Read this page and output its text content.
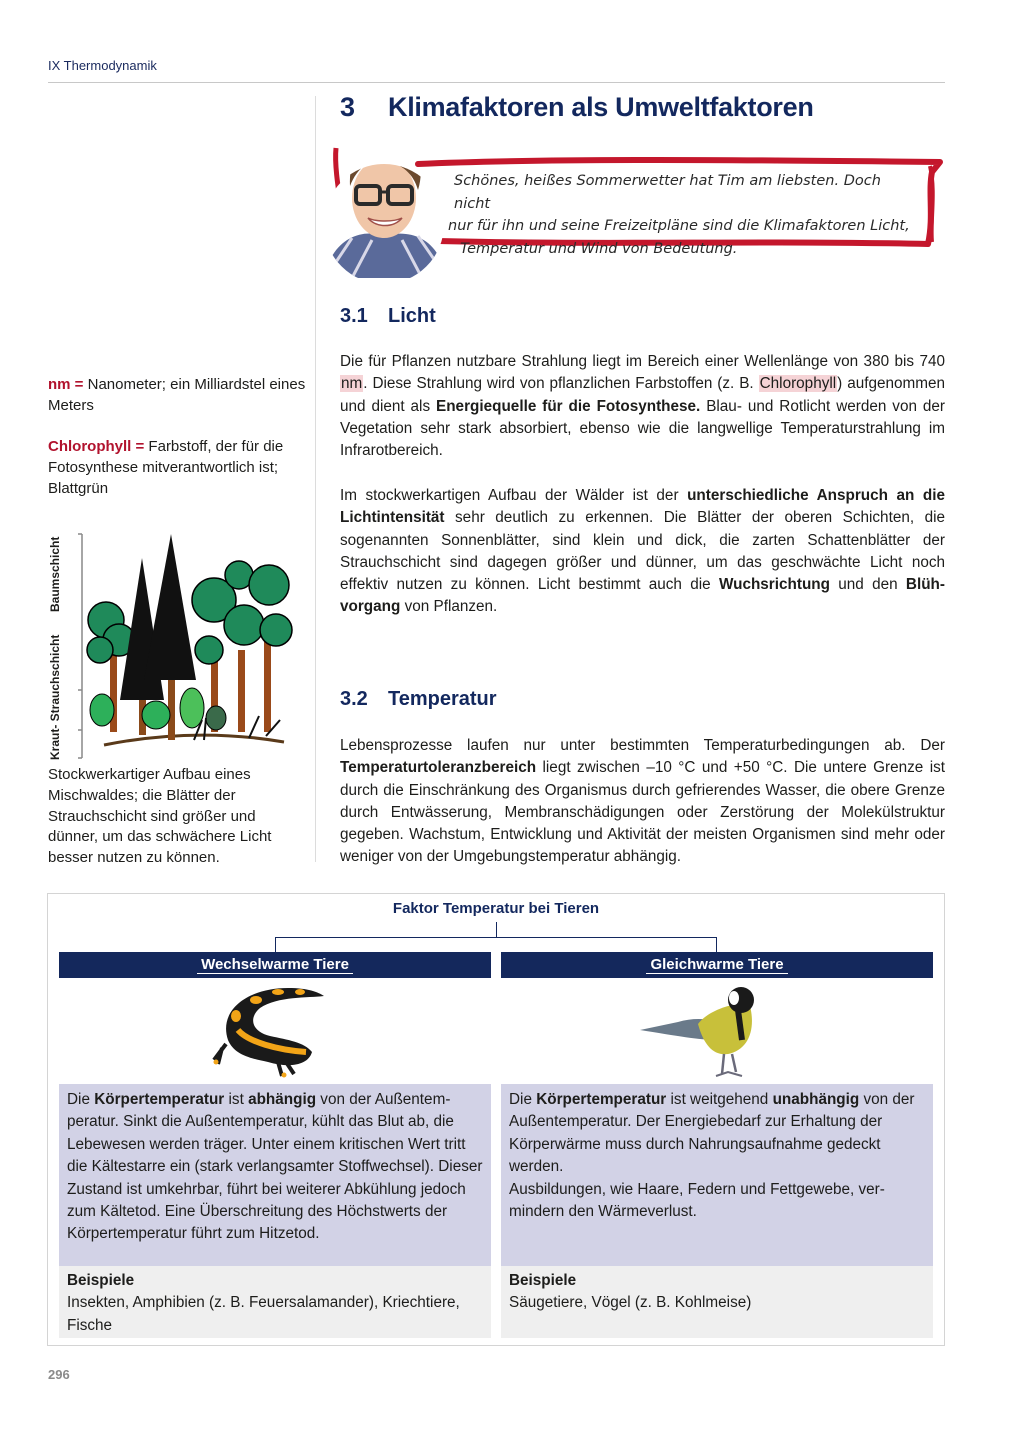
IX Thermodynamik
3 Klimafaktoren als Umweltfaktoren
Schönes, heißes Sommerwetter hat Tim am liebsten. Doch nicht
nur für ihn und seine Freizeitpläne sind die Klimafaktoren Licht,
Temperatur und Wind von Bedeutung.
3.1 Licht

Die für Pflanzen nutzbare Strahlung liegt im Bereich einer Wellenlänge von 380 bis 740 nm. Diese Strahlung wird von pflanzlichen Farbstoffen (z. B. Chlorophyll) aufgenommen und dient als Energiequelle für die Fotosynthese. Blau- und Rotlicht werden von der Vegetation sehr stark absorbiert, ebenso wie die langwellige Temperaturstrahlung im Infrarotbereich.

Im stockwerkartigen Aufbau der Wälder ist der unterschiedliche Anspruch an die Lichtintensität sehr deutlich zu erkennen. Die Blätter der oberen Schichten, die sogenannten Sonnenblätter, sind klein und dick, die zarten Schattenblätter der Strauchschicht sind dagegen größer und dünner, um das geschwächte Licht noch effektiv nutzen zu können. Licht bestimmt auch die Wuchsrichtung und den Blühvorgang von Pflanzen.

3.2 Temperatur

Lebensprozesse laufen nur unter bestimmten Temperaturbedingungen ab. Der Temperaturtoleranzbereich liegt zwischen –10 °C und +50 °C. Die untere Grenze ist durch die Einschränkung des Organismus durch gefrierendes Wasser, die obere Grenze durch Entwässerung, Membranschädigungen oder Zerstörung der Molekülstruktur gegeben. Wachstum, Entwicklung und Aktivität der meisten Organismen sind mehr oder weniger von der Umgebungstemperatur abhängig.

nm = Nanometer; ein Milliardstel eines Meters

Chlorophyll = Farbstoff, der für die Fotosynthese mitverantwortlich ist; Blattgrün

Baumschicht
Kraut- Strauchschicht

Stockwerkartiger Aufbau eines Mischwaldes; die Blätter der Strauchschicht sind größer und dünner, um das schwächere Licht besser nutzen zu können.

Faktor Temperatur bei Tieren
Wechselwarme Tiere	Gleichwarme Tiere
Die Körpertemperatur ist abhängig von der Außentemperatur. Sinkt die Außentemperatur, kühlt das Blut ab, die Lebewesen werden träger. Unter einem kritischen Wert tritt die Kältestarre ein (stark verlangsamter Stoffwechsel). Dieser Zustand ist umkehrbar, führt bei weiterer Abkühlung jedoch zum Kältetod. Eine Überschreitung des Höchstwerts der Körpertemperatur führt zum Hitzetod.
Die Körpertemperatur ist weitgehend unabhängig von der Außentemperatur. Der Energiebedarf zur Erhaltung der Körperwärme muss durch Nahrungsaufnahme gedeckt werden.
Ausbildungen, wie Haare, Federn und Fettgewebe, vermindern den Wärmeverlust.
Beispiele
Insekten, Amphibien (z. B. Feuersalamander), Kriechtiere, Fische
Beispiele
Säugetiere, Vögel (z. B. Kohlmeise)
296
